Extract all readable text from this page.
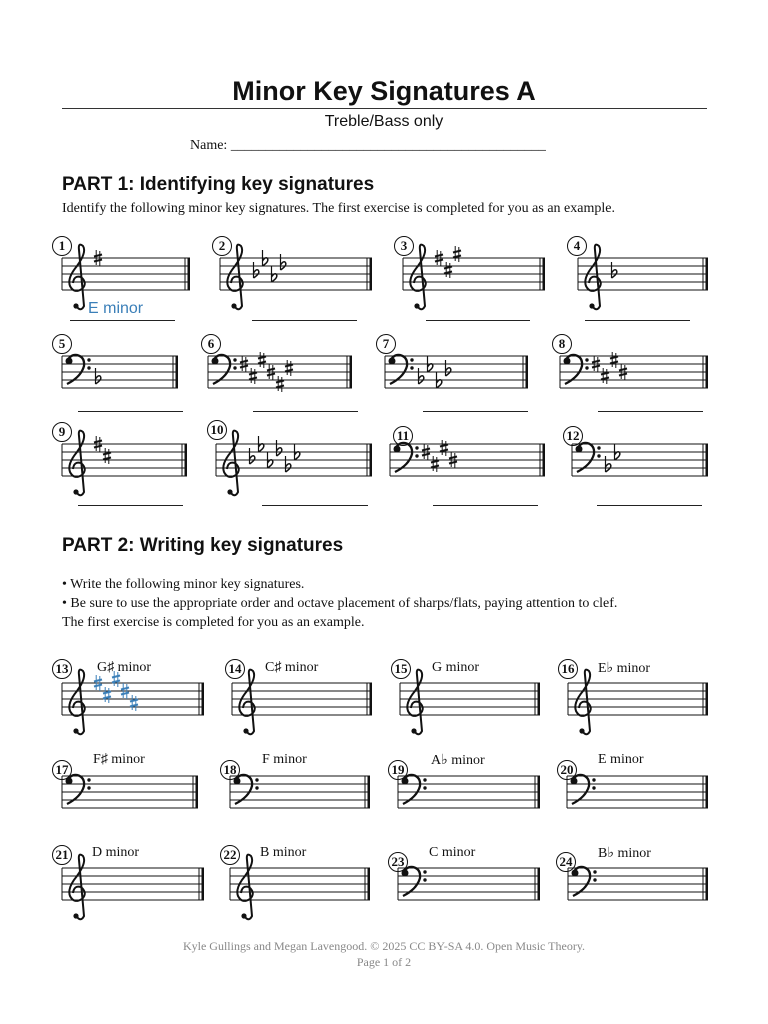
Minor Key Signatures A
Treble/Bass only
Name: _____________________________________________
PART 1: Identifying key signatures
Identify the following minor key signatures. The first exercise is completed for you as an example.
1
E minor
2	3	4
5	6	7	8
9	10	11	12
PART 2: Writing key signatures
• Write the following minor key signatures.
• Be sure to use the appropriate order and octave placement of sharps/flats, paying attention to clef.
The first exercise is completed for you as an example.
13 G♯ minor	14 C♯ minor	15 G minor	16 E♭ minor
17
F♯ minor
18
F minor
19
A♭ minor
20
E minor
21 D minor	22 B minor
23
C minor
24
B♭ minor
Kyle Gullings and Megan Lavengood. © 2025 CC BY-SA 4.0. Open Music Theory.
Page 1 of 2
